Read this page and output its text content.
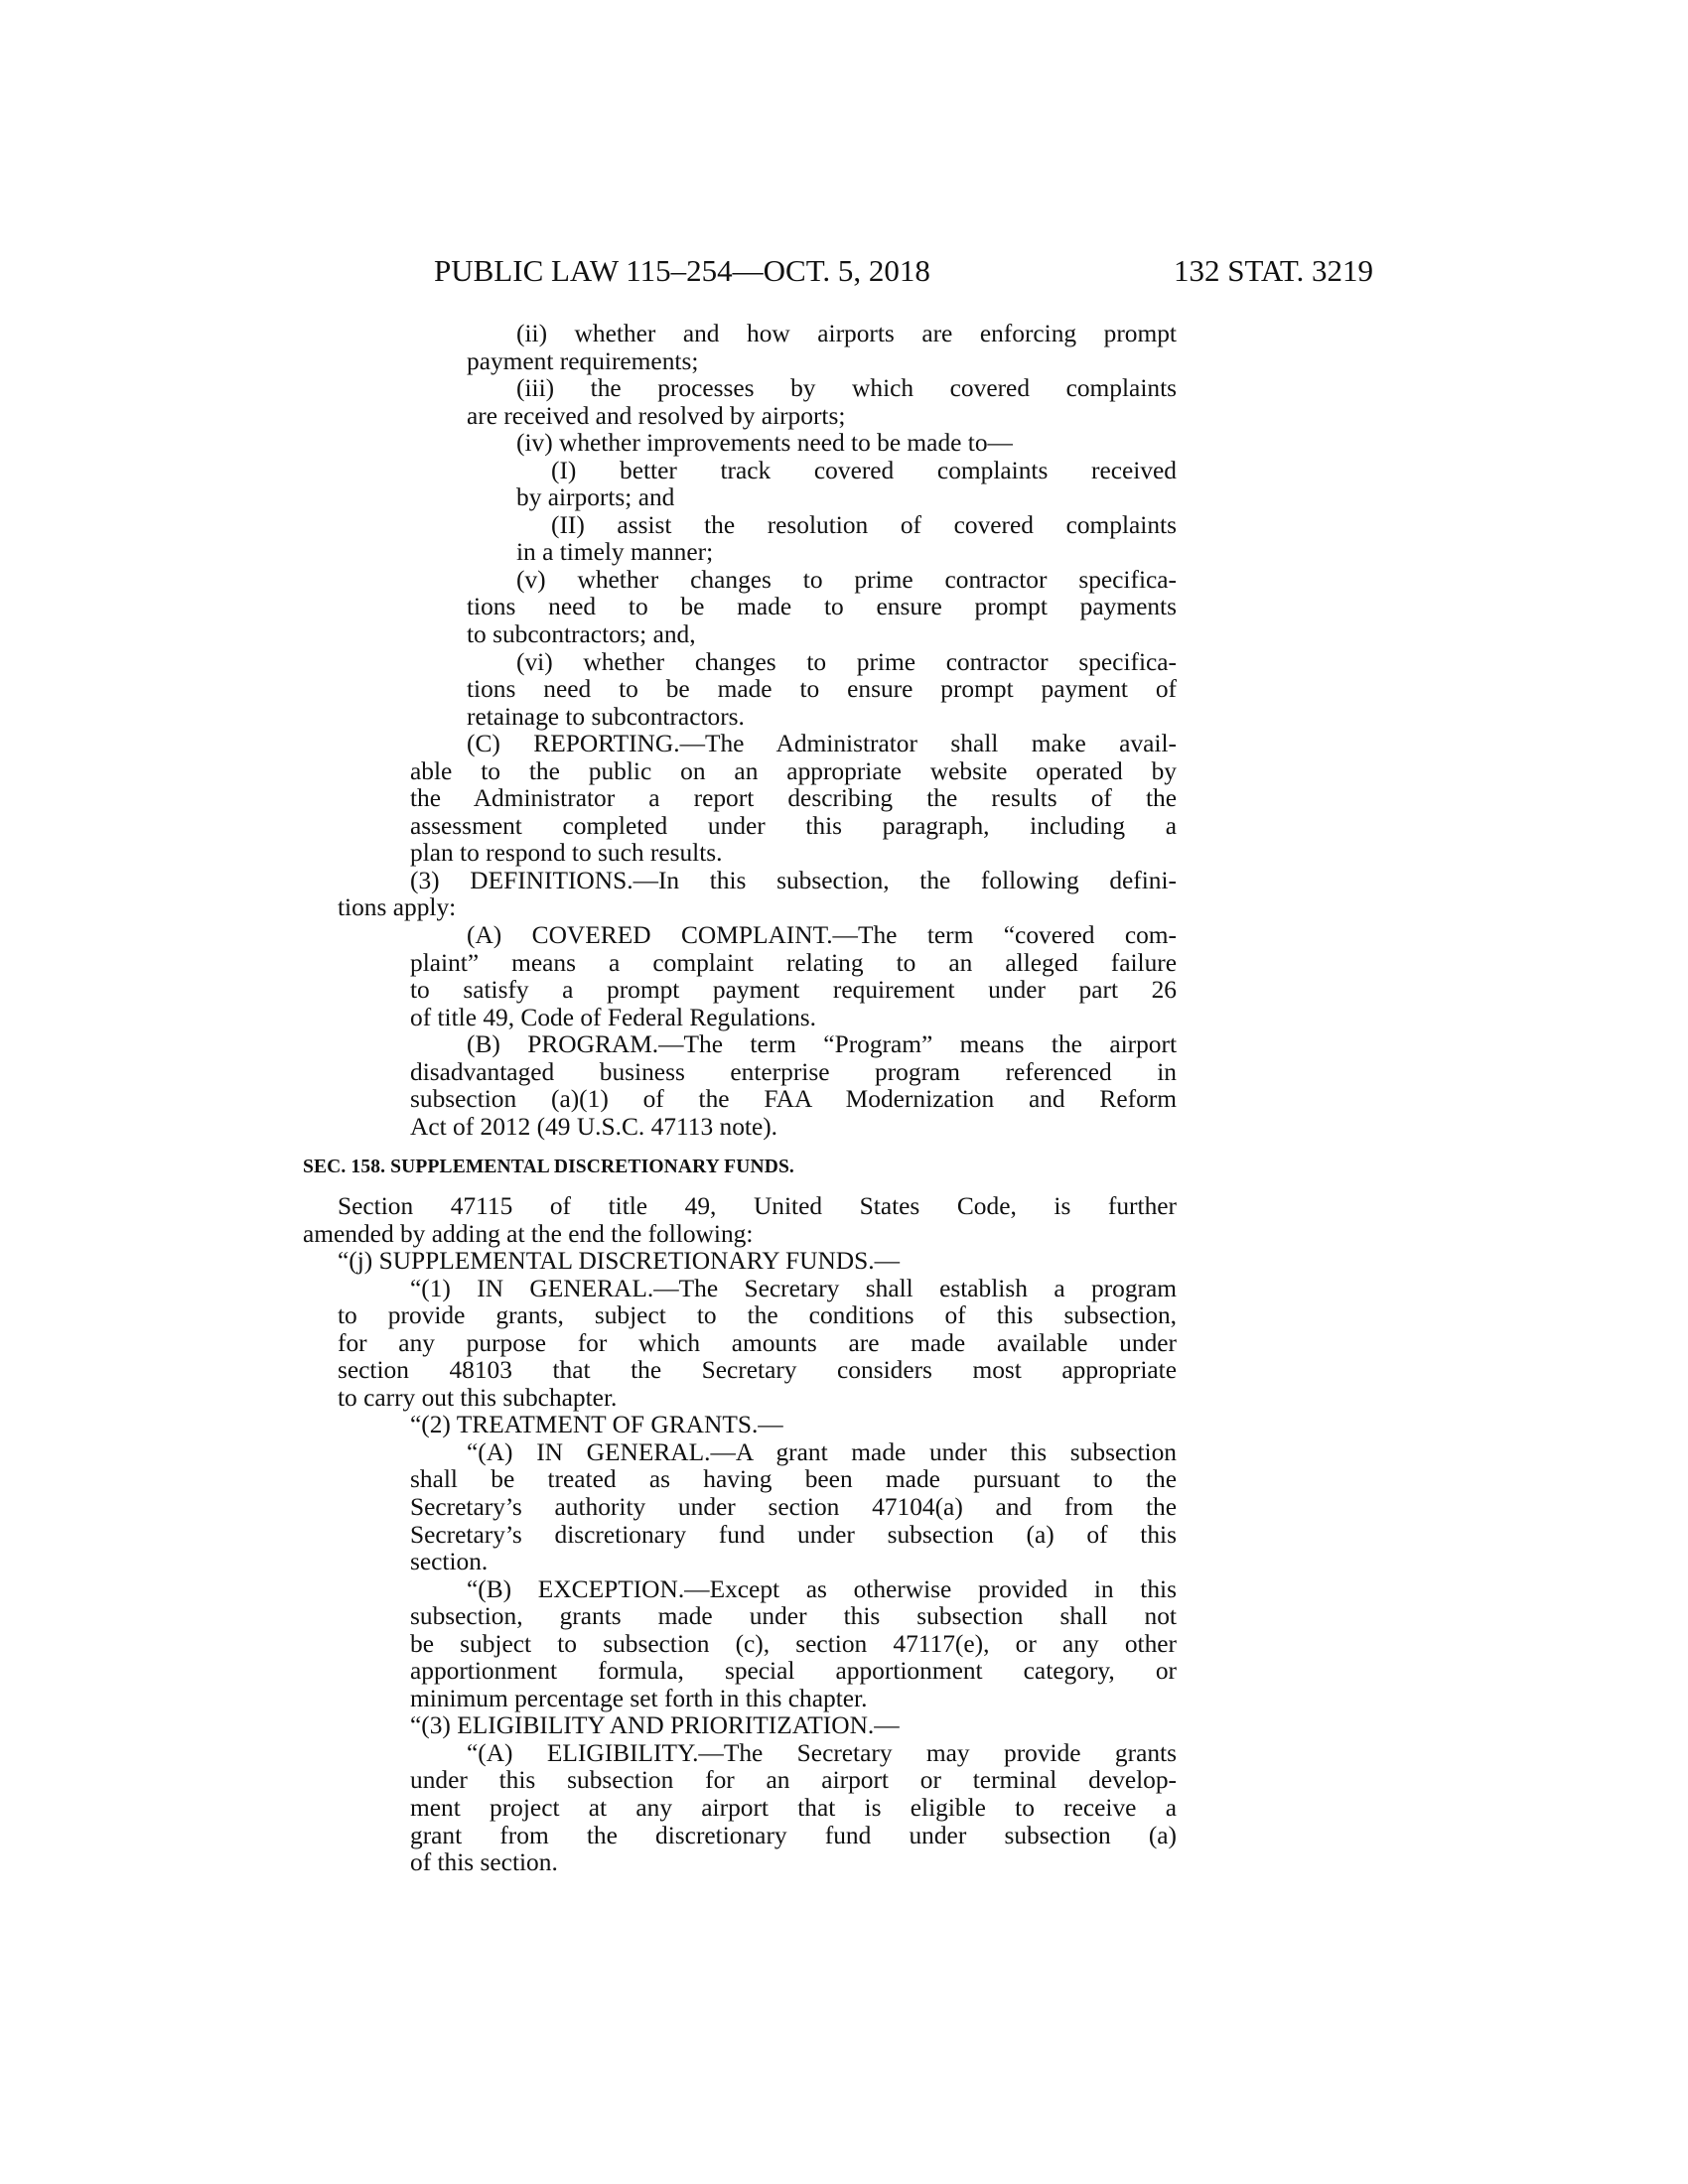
PUBLIC LAW 115–254—OCT. 5, 2018	132 STAT. 3219
(ii) whether and how airports are enforcing prompt
payment requirements;
(iii) the processes by which covered complaints
are received and resolved by airports;
(iv) whether improvements need to be made to—
(I) better track covered complaints received
by airports; and
(II) assist the resolution of covered complaints
in a timely manner;
(v) whether changes to prime contractor specifica-
tions need to be made to ensure prompt payments
to subcontractors; and,
(vi) whether changes to prime contractor specifica-
tions need to be made to ensure prompt payment of
retainage to subcontractors.
(C) REPORTING.—The Administrator shall make avail-
able to the public on an appropriate website operated by
the Administrator a report describing the results of the
assessment completed under this paragraph, including a
plan to respond to such results.
(3) DEFINITIONS.—In this subsection, the following defini-
tions apply:
(A) COVERED COMPLAINT.—The term “covered com-
plaint” means a complaint relating to an alleged failure
to satisfy a prompt payment requirement under part 26
of title 49, Code of Federal Regulations.
(B) PROGRAM.—The term “Program” means the airport
disadvantaged business enterprise program referenced in
subsection (a)(1) of the FAA Modernization and Reform
Act of 2012 (49 U.S.C. 47113 note).
SEC. 158. SUPPLEMENTAL DISCRETIONARY FUNDS.
Section 47115 of title 49, United States Code, is further
amended by adding at the end the following:
“(j) SUPPLEMENTAL DISCRETIONARY FUNDS.—
“(1) IN GENERAL.—The Secretary shall establish a program
to provide grants, subject to the conditions of this subsection,
for any purpose for which amounts are made available under
section 48103 that the Secretary considers most appropriate
to carry out this subchapter.
“(2) TREATMENT OF GRANTS.—
“(A) IN GENERAL.—A grant made under this subsection
shall be treated as having been made pursuant to the
Secretary’s authority under section 47104(a) and from the
Secretary’s discretionary fund under subsection (a) of this
section.
“(B) EXCEPTION.—Except as otherwise provided in this
subsection, grants made under this subsection shall not
be subject to subsection (c), section 47117(e), or any other
apportionment formula, special apportionment category, or
minimum percentage set forth in this chapter.
“(3) ELIGIBILITY AND PRIORITIZATION.—
“(A) ELIGIBILITY.—The Secretary may provide grants
under this subsection for an airport or terminal develop-
ment project at any airport that is eligible to receive a
grant from the discretionary fund under subsection (a)
of this section.
